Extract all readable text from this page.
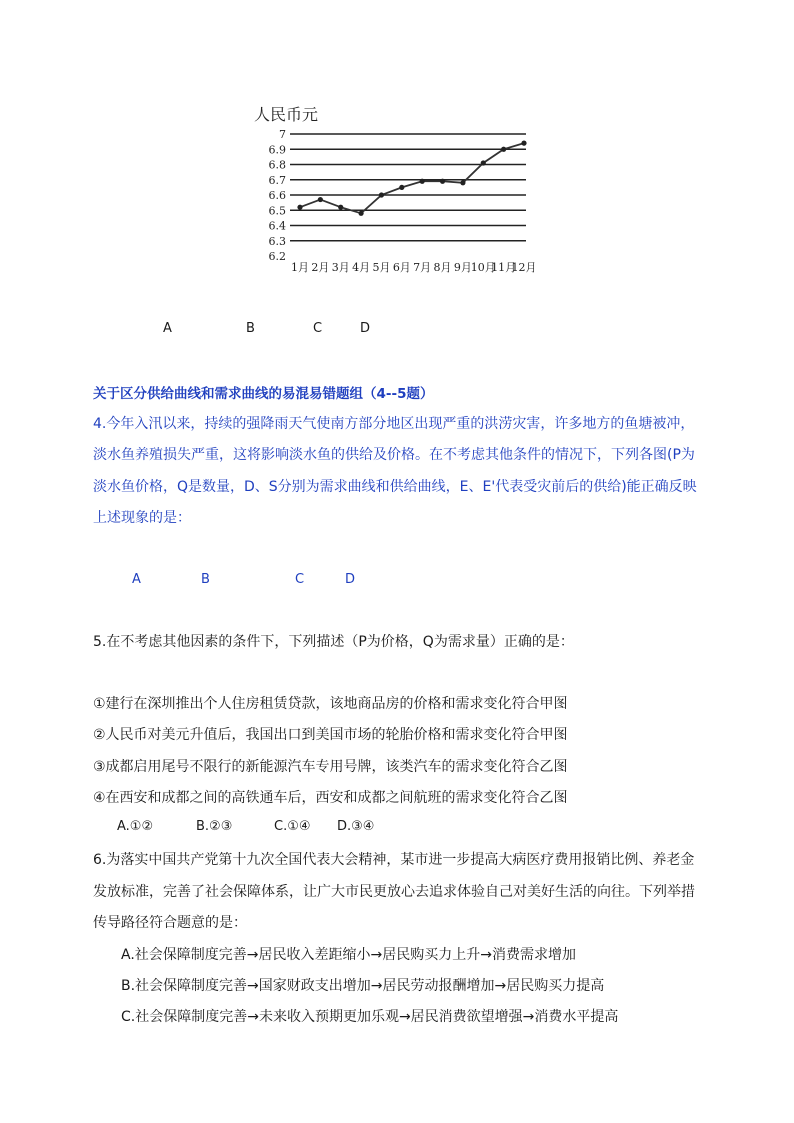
人民币元
7
6.9
6.8
6.7
6.6
6.5
6.4
6.3
6.2
1月 2月 3月 4月 5月 6月 7月 8月 9月
10月
11月
12月
A	B	C	D
关于区分供给曲线和需求曲线的易混易错题组（4--5题）
4.今年入汛以来，持续的强降雨天气使南方部分地区出现严重的洪涝灾害，许多地方的鱼塘被冲，
淡水鱼养殖损失严重，这将影响淡水鱼的供给及价格。在不考虑其他条件的情况下，下列各图(P为
淡水鱼价格，Q是数量，D、S分别为需求曲线和供给曲线，E、E'代表受灾前后的供给)能正确反映
上述现象的是：
A	B	C	D
5.在不考虑其他因素的条件下，下列描述（P为价格，Q为需求量）正确的是：
①建行在深圳推出个人住房租赁贷款，该地商品房的价格和需求变化符合甲图
②人民币对美元升值后，我国出口到美国市场的轮胎价格和需求变化符合甲图
③成都启用尾号不限行的新能源汽车专用号牌，该类汽车的需求变化符合乙图
④在西安和成都之间的高铁通车后，西安和成都之间航班的需求变化符合乙图
A.①②	B.②③	C.①④ D.③④
6.为落实中国共产党第十九次全国代表大会精神，某市进一步提高大病医疗费用报销比例、养老金
发放标准，完善了社会保障体系，让广大市民更放心去追求体验自己对美好生活的向往。下列举措
传导路径符合题意的是：
A.社会保障制度完善→居民收入差距缩小→居民购买力上升→消费需求增加
B.社会保障制度完善→国家财政支出增加→居民劳动报酬增加→居民购买力提高
C.社会保障制度完善→未来收入预期更加乐观→居民消费欲望增强→消费水平提高
